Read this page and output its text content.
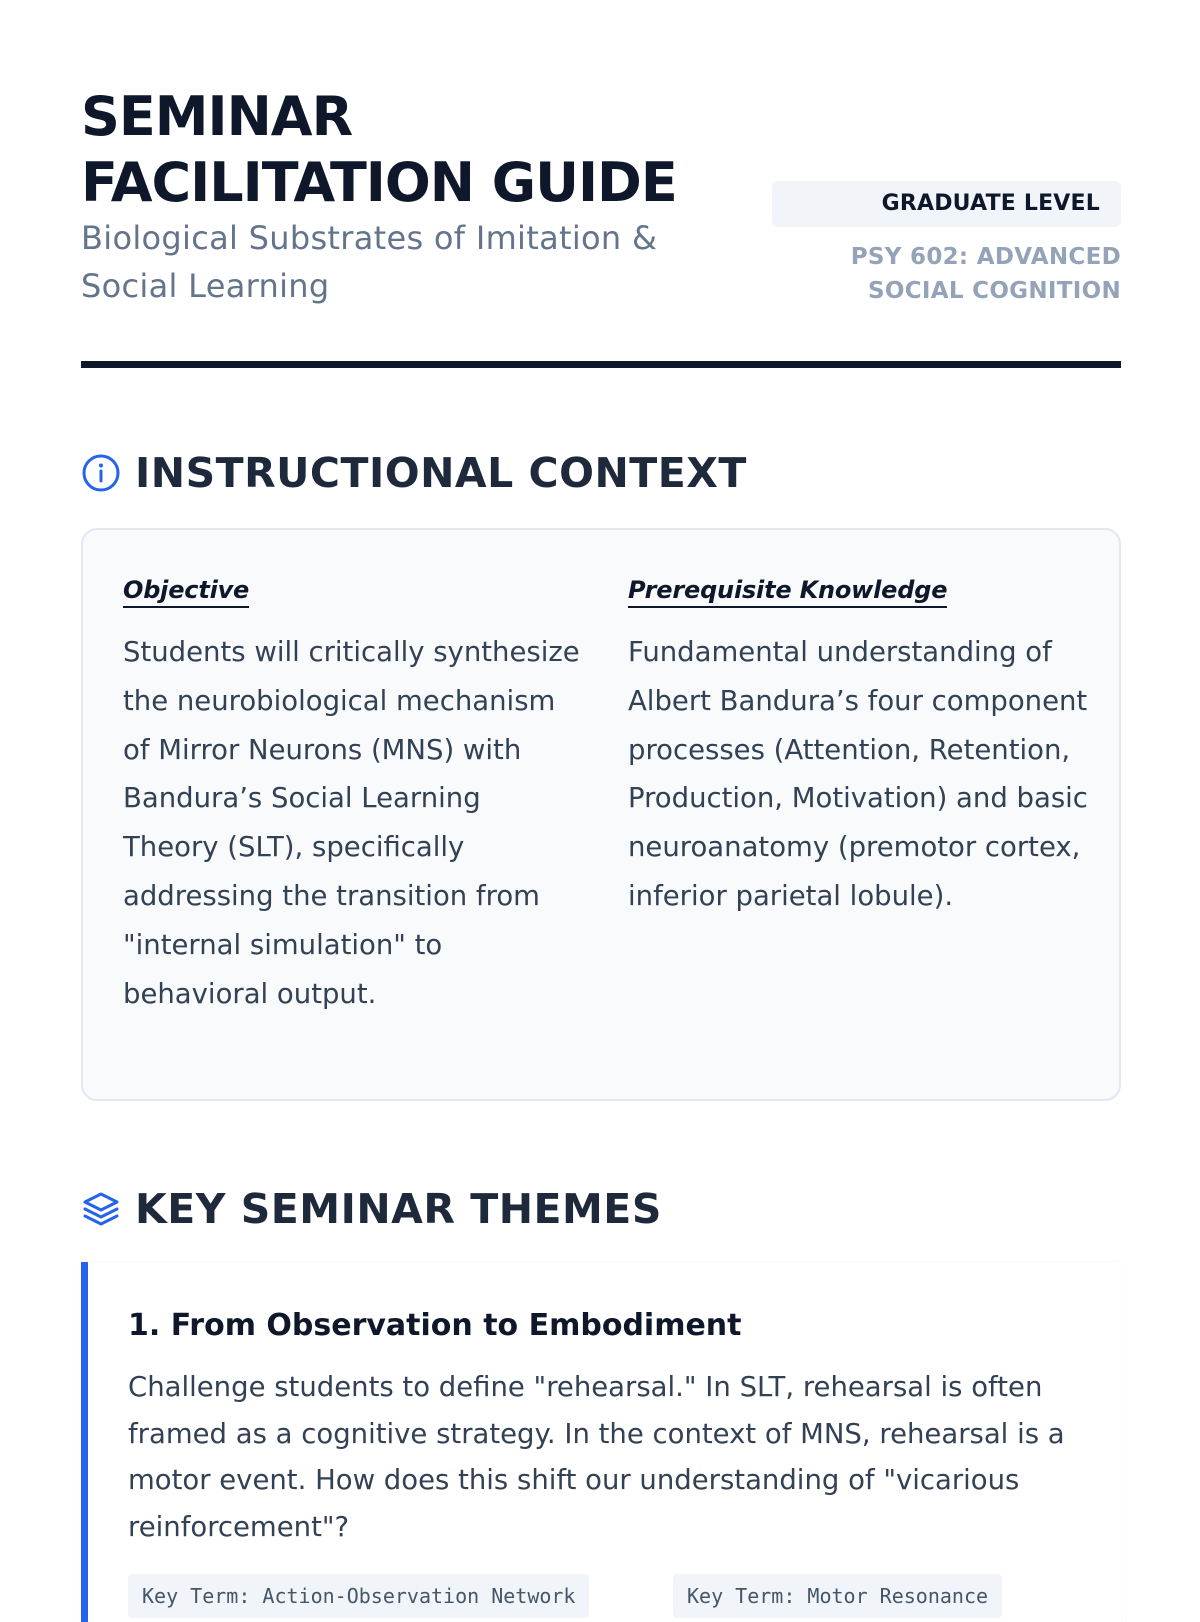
SEMINAR
FACILITATION GUIDE
Biological Substrates of Imitation & Social Learning
GRADUATE LEVEL
PSY 602: ADVANCED SOCIAL COGNITION
INSTRUCTIONAL CONTEXT
Objective

Students will critically synthesize the neurobiological mechanism of Mirror Neurons (MNS) with Bandura’s Social Learning Theory (SLT), specifically addressing the transition from "internal simulation" to behavioral output.

Prerequisite Knowledge

Fundamental understanding of Albert Bandura’s four component processes (Attention, Retention, Production, Motivation) and basic neuroanatomy (premotor cortex, inferior parietal lobule).

KEY SEMINAR THEMES
1. From Observation to Embodiment

Challenge students to define "rehearsal." In SLT, rehearsal is often framed as a cognitive strategy. In the context of MNS, rehearsal is a motor event. How does this shift our understanding of "vicarious reinforcement"?

Key Term: Action-Observation Network	Key Term: Motor Resonance
